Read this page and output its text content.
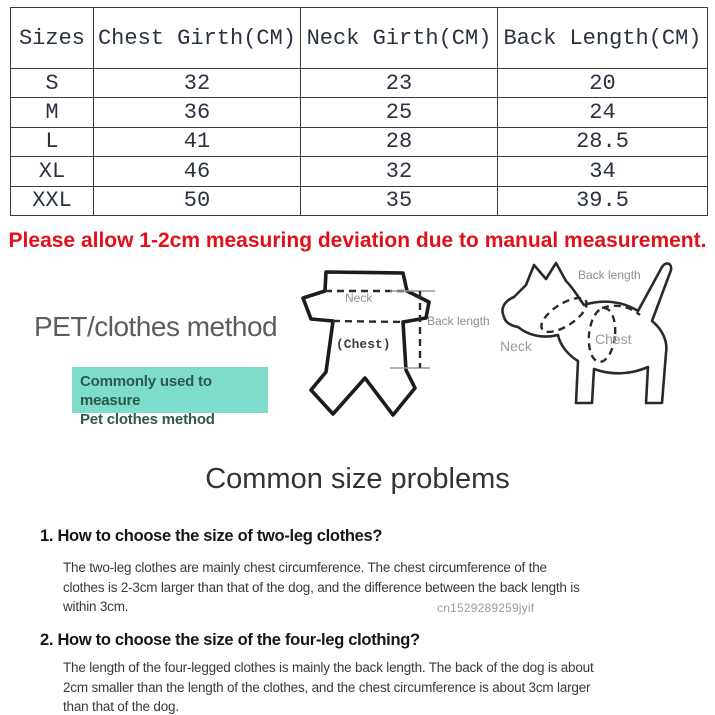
Sizes	Chest Girth(CM)	Neck Girth(CM)	Back Length(CM)
S	32	23	20
M	36	25	24
L	41	28	28.5
XL	46	32	34
XXL	50	35	39.5
Please allow 1-2cm measuring deviation due to manual measurement.
PET/clothes method
Commonly used to measure
Pet clothes method
Neck
(Chest)
Back length
Back length
Neck	Chest
Common size problems
1. How to choose the size of two-leg clothes?
The two-leg clothes are mainly chest circumference. The chest circumference of the
clothes is 2-3cm larger than that of the dog, and the difference between the back length is
within 3cm.	cn1529289259jyif
2. How to choose the size of the four-leg clothing?
The length of the four-legged clothes is mainly the back length. The back of the dog is about
2cm smaller than the length of the clothes, and the chest circumference is about 3cm larger
than that of the dog.
